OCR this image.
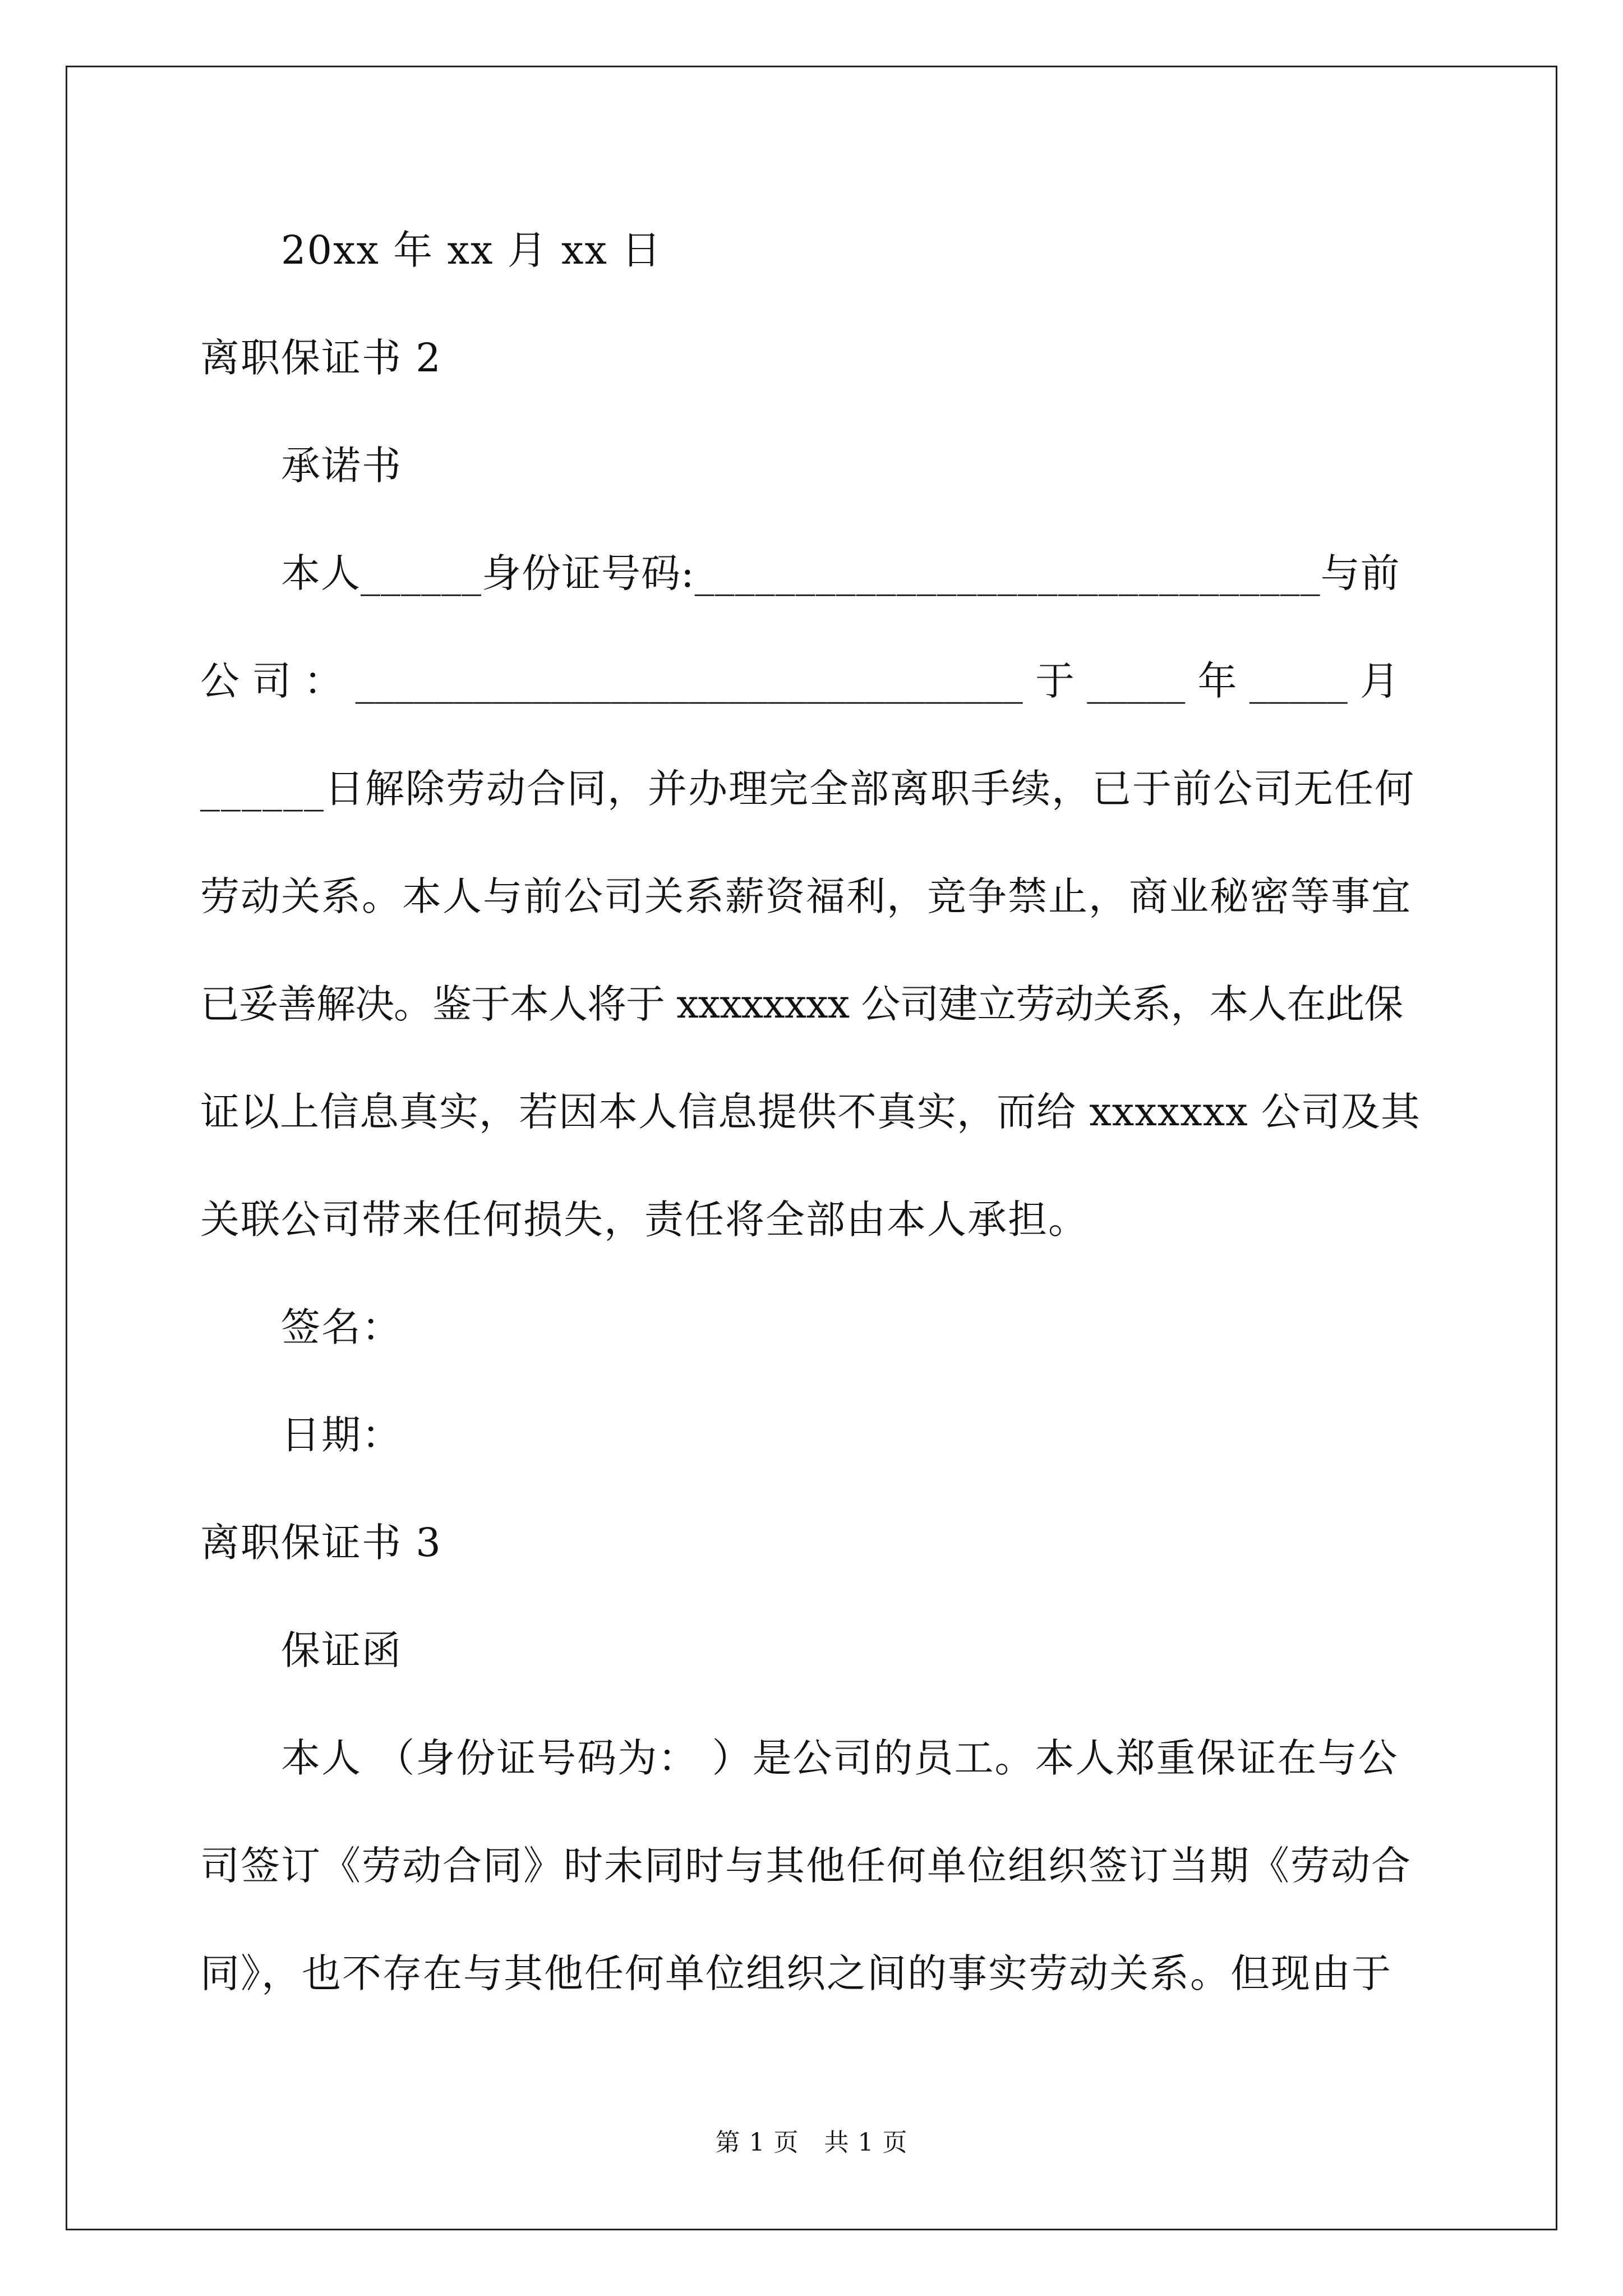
20xx 年 xx 月 xx 日
离职保证书 2
承诺书
本人______身份证号码:_______________________________与前
公 司 ： __________________________________ 于 _____ 年 _____ 月
______日解除劳动合同，并办理完全部离职手续，已于前公司无任何
劳动关系。本人与前公司关系薪资福利，竞争禁止，商业秘密等事宜
已妥善解决。鉴于本人将于 xxxxxxxx 公司建立劳动关系，本人在此保
证以上信息真实，若因本人信息提供不真实，而给 xxxxxxx 公司及其
关联公司带来任何损失，责任将全部由本人承担。
签名：
日期：
离职保证书 3
保证函
本人 （身份证号码为： ）是公司的员工。本人郑重保证在与公
司签订《劳动合同》时未同时与其他任何单位组织签订当期《劳动合
同》，也不存在与其他任何单位组织之间的事实劳动关系。但现由于
第 1 页　共 1 页
